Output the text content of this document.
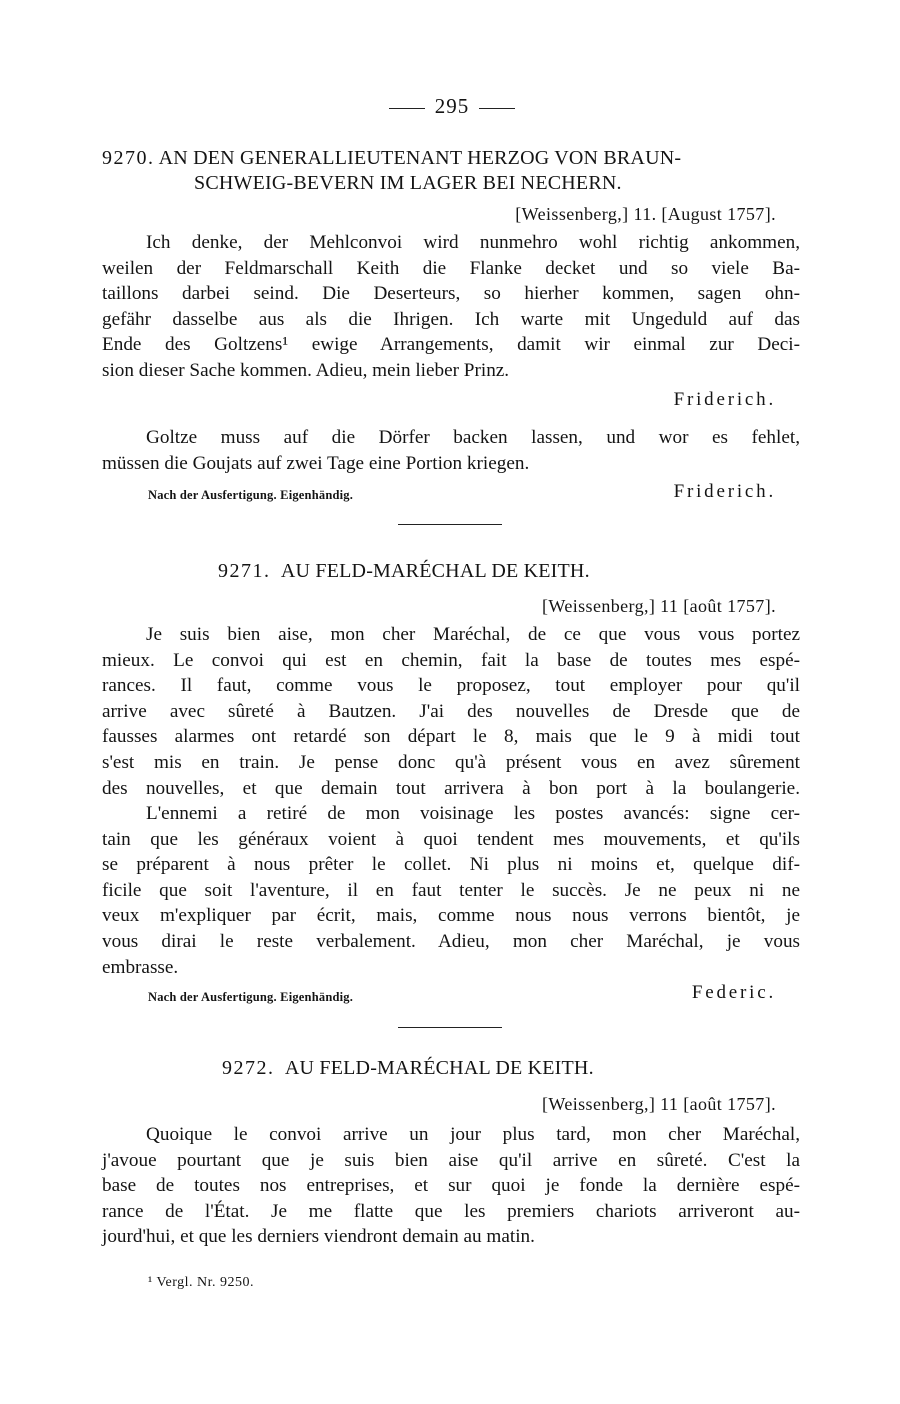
295
9270. AN DEN GENERALLIEUTENANT HERZOG VON BRAUN-
SCHWEIG-BEVERN IM LAGER BEI NECHERN.
[Weissenberg,] 11. [August 1757].
Ich denke, der Mehlconvoi wird nunmehro wohl richtig ankommen,
weilen der Feldmarschall Keith die Flanke decket und so viele Ba-
taillons darbei seind. Die Deserteurs, so hierher kommen, sagen ohn-
gefähr dasselbe aus als die Ihrigen. Ich warte mit Ungeduld auf das
Ende des Goltzens¹ ewige Arrangements, damit wir einmal zur Deci-
sion dieser Sache kommen. Adieu, mein lieber Prinz.
Friderich.
Goltze muss auf die Dörfer backen lassen, und wor es fehlet,
müssen die Goujats auf zwei Tage eine Portion kriegen.
Nach der Ausfertigung. Eigenhändig.	Friderich.
9271. AU FELD-MARÉCHAL DE KEITH.
[Weissenberg,] 11 [août 1757].
Je suis bien aise, mon cher Maréchal, de ce que vous vous portez
mieux. Le convoi qui est en chemin, fait la base de toutes mes espé-
rances. Il faut, comme vous le proposez, tout employer pour qu'il
arrive avec sûreté à Bautzen. J'ai des nouvelles de Dresde que de
fausses alarmes ont retardé son départ le 8, mais que le 9 à midi tout
s'est mis en train. Je pense donc qu'à présent vous en avez sûrement
des nouvelles, et que demain tout arrivera à bon port à la boulangerie.
L'ennemi a retiré de mon voisinage les postes avancés: signe cer-
tain que les généraux voient à quoi tendent mes mouvements, et qu'ils
se préparent à nous prêter le collet. Ni plus ni moins et, quelque dif-
ficile que soit l'aventure, il en faut tenter le succès. Je ne peux ni ne
veux m'expliquer par écrit, mais, comme nous nous verrons bientôt, je
vous dirai le reste verbalement. Adieu, mon cher Maréchal, je vous
embrasse.
Nach der Ausfertigung. Eigenhändig.	Federic.
9272. AU FELD-MARÉCHAL DE KEITH.
[Weissenberg,] 11 [août 1757].
Quoique le convoi arrive un jour plus tard, mon cher Maréchal,
j'avoue pourtant que je suis bien aise qu'il arrive en sûreté. C'est la
base de toutes nos entreprises, et sur quoi je fonde la dernière espé-
rance de l'État. Je me flatte que les premiers chariots arriveront au-
jourd'hui, et que les derniers viendront demain au matin.
¹ Vergl. Nr. 9250.
